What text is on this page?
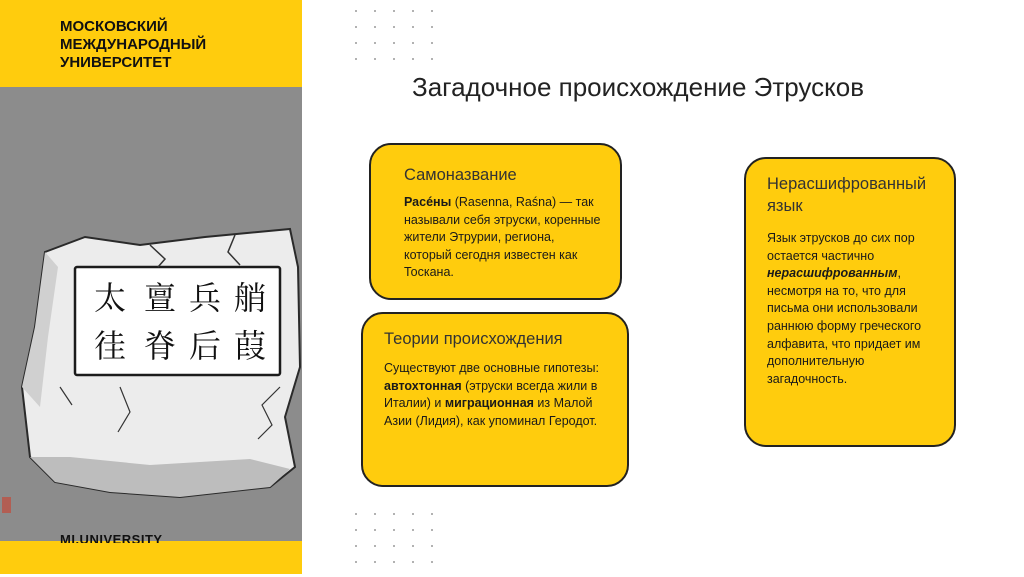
МОСКОВСКИЙ
МЕЖДУНАРОДНЫЙ
УНИВЕРСИТЕТ
太 亶 兵 艄
徍 脊 后 葭
MI.UNIVERSITY
Загадочное происхождение Этрусков
Самоназвание

Расéны (Rasenna, Raśna) — так называли себя этруски, коренные жители Этрурии, региона, который сегодня известен как Тоскана.

Теории происхождения

Существуют две основные гипотезы: автохтонная (этруски всегда жили в Италии) и миграционная из Малой Азии (Лидия), как упоминал Геродот.

Нерасшифрованный язык

Язык этрусков до сих пор остается частично нерасшифрованным, несмотря на то, что для письма они использовали раннюю форму греческого алфавита, что придает им дополнительную загадочность.
